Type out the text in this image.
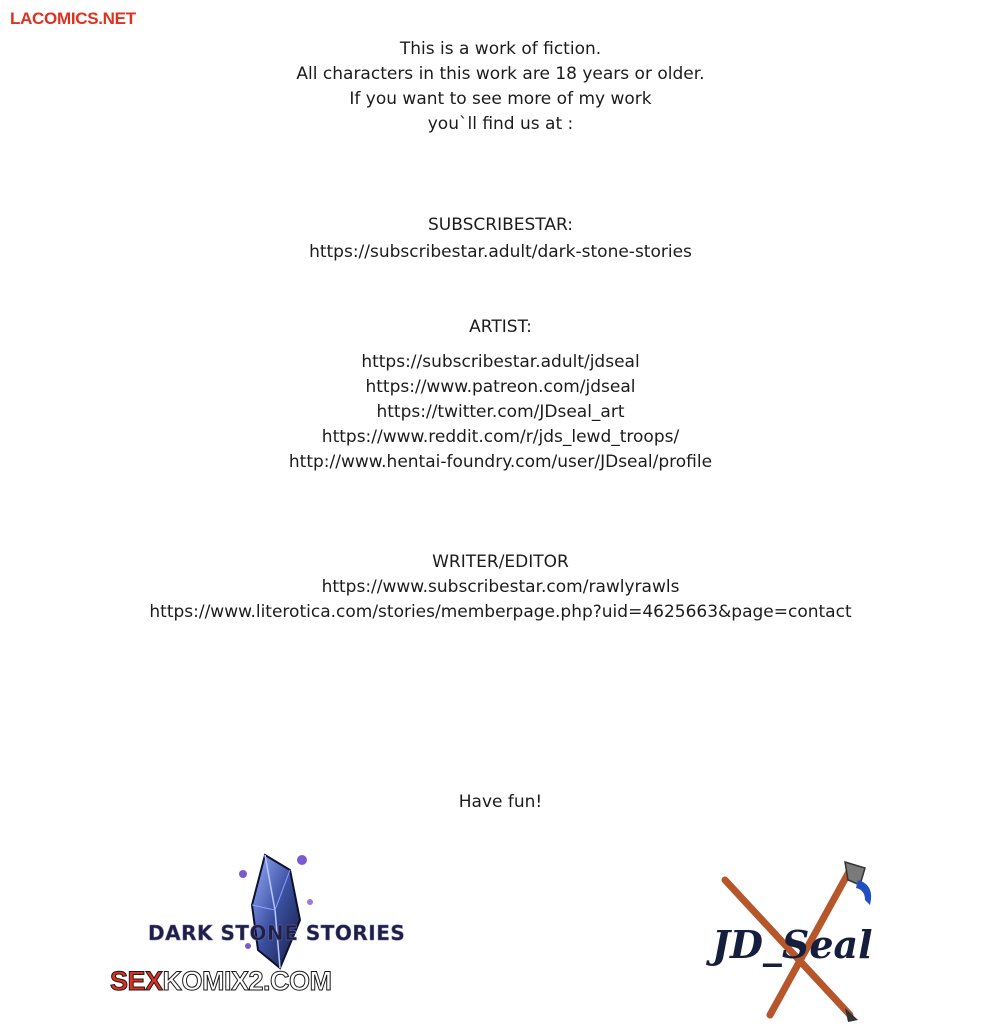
LACOMICS.NET
This is a work of fiction.
All characters in this work are 18 years or older.
If you want to see more of my work
you`ll find us at :
SUBSCRIBESTAR:
https://subscribestar.adult/dark-stone-stories
ARTIST:
https://subscribestar.adult/jdseal
https://www.patreon.com/jdseal
https://twitter.com/JDseal_art
https://www.reddit.com/r/jds_lewd_troops/
http://www.hentai-foundry.com/user/JDseal/profile
WRITER/EDITOR
https://www.subscribestar.com/rawlyrawls
https://www.literotica.com/stories/memberpage.php?uid=4625663&page=contact
Have fun!
DARK STONE STORIES
SEXKOMIX2.COM
JD_Seal
